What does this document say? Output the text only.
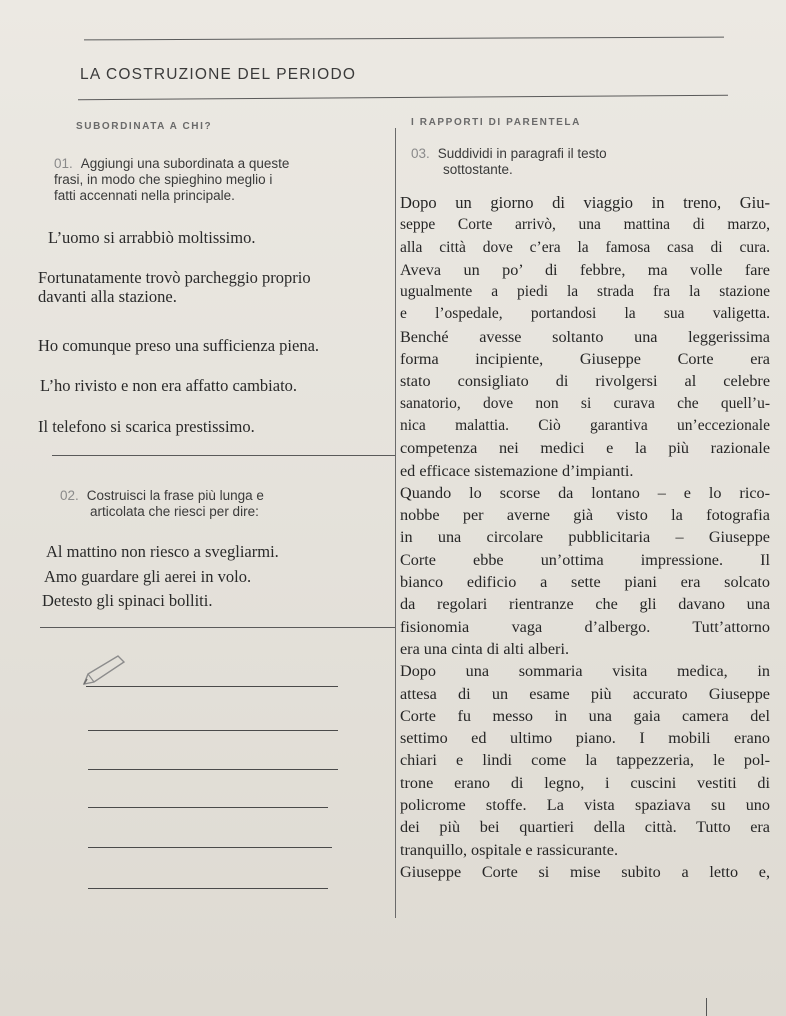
LA COSTRUZIONE DEL PERIODO
SUBORDINATA A CHI?	I RAPPORTI DI PARENTELA
01. Aggiungi una subordinata a queste
frasi, in modo che spieghino meglio i
fatti accennati nella principale.
L’uomo si arrabbiò moltissimo.
Fortunatamente trovò parcheggio proprio
davanti alla stazione.
Ho comunque preso una sufficienza piena.
L’ho rivisto e non era affatto cambiato.
Il telefono si scarica prestissimo.
02. Costruisci la frase più lunga e
articolata che riesci per dire:
Al mattino non riesco a svegliarmi.
Amo guardare gli aerei in volo.
Detesto gli spinaci bolliti.
03. Suddividi in paragrafi il testo
sottostante.
Dopo un giorno di viaggio in treno, Giu-
seppe Corte arrivò, una mattina di marzo,
alla città dove c’era la famosa casa di cura.
Aveva un po’ di febbre, ma volle fare
ugualmente a piedi la strada fra la stazione
e l’ospedale, portandosi la sua valigetta.
Benché avesse soltanto una leggerissima
forma incipiente, Giuseppe Corte era
stato consigliato di rivolgersi al celebre
sanatorio, dove non si curava che quell’u-
nica malattia. Ciò garantiva un’eccezionale
competenza nei medici e la più razionale
ed efficace sistemazione d’impianti.
Quando lo scorse da lontano – e lo rico-
nobbe per averne già visto la fotografia
in una circolare pubblicitaria – Giuseppe
Corte ebbe un’ottima impressione. Il
bianco edificio a sette piani era solcato
da regolari rientranze che gli davano una
fisionomia vaga d’albergo. Tutt’attorno
era una cinta di alti alberi.
Dopo una sommaria visita medica, in
attesa di un esame più accurato Giuseppe
Corte fu messo in una gaia camera del
settimo ed ultimo piano. I mobili erano
chiari e lindi come la tappezzeria, le pol-
trone erano di legno, i cuscini vestiti di
policrome stoffe. La vista spaziava su uno
dei più bei quartieri della città. Tutto era
tranquillo, ospitale e rassicurante.
Giuseppe Corte si mise subito a letto e,
